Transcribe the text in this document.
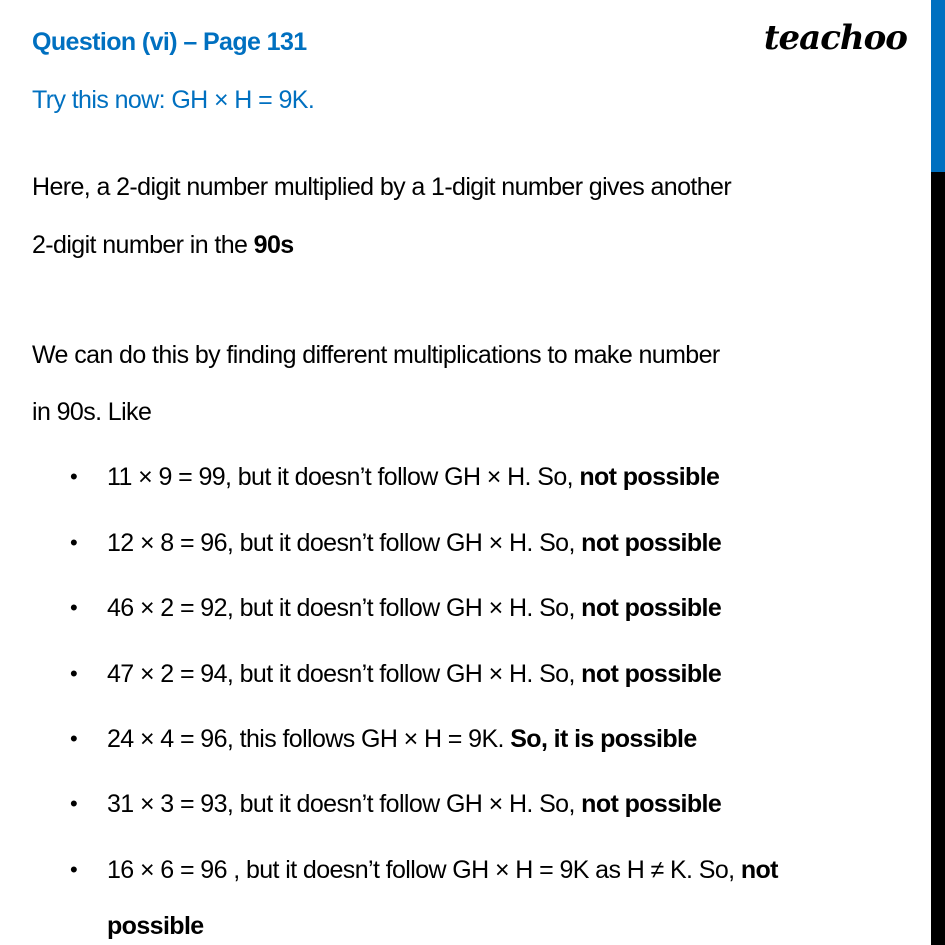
Question (vi) – Page 131	teachoo
Try this now: GH × H = 9K.
Here, a 2-digit number multiplied by a 1-digit number gives another
2-digit number in the 90s
We can do this by finding different multiplications to make number
in 90s. Like
• 11 × 9 = 99, but it doesn’t follow GH × H. So, not possible
• 12 × 8 = 96, but it doesn’t follow GH × H. So, not possible
• 46 × 2 = 92, but it doesn’t follow GH × H. So, not possible
• 47 × 2 = 94, but it doesn’t follow GH × H. So, not possible
• 24 × 4 = 96, this follows GH × H = 9K. So, it is possible
• 31 × 3 = 93, but it doesn’t follow GH × H. So, not possible
• 16 × 6 = 96 , but it doesn’t follow GH × H = 9K as H ≠ K. So, not
possible
